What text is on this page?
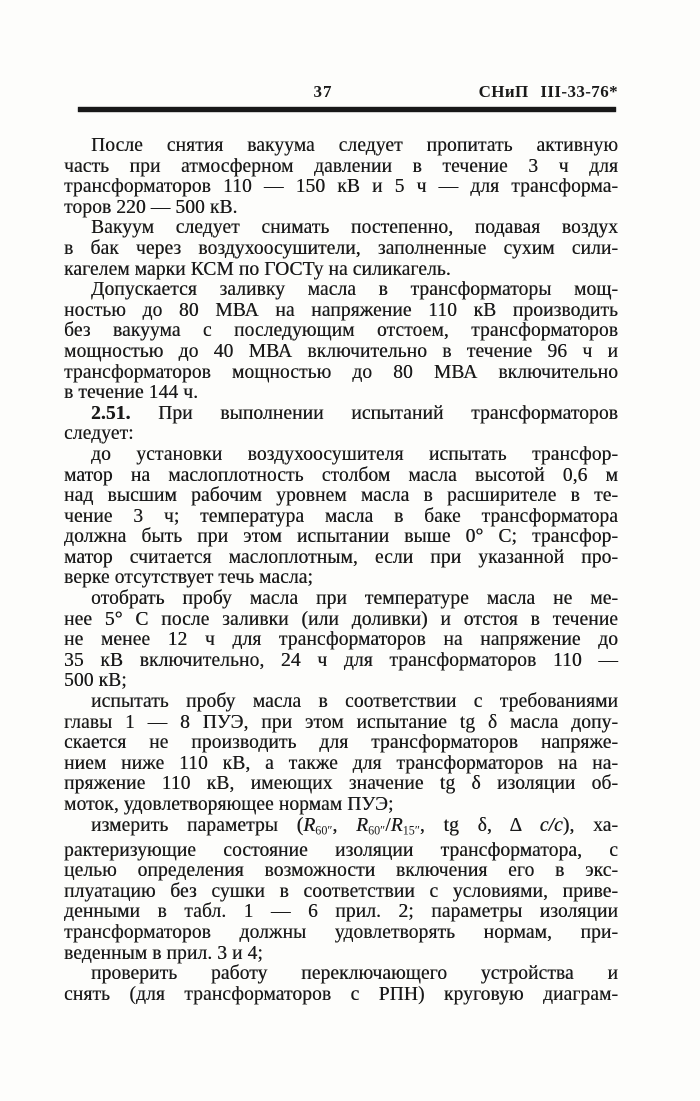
37	СНиП III-33-76*
После снятия вакуума следует пропитать активную
часть при атмосферном давлении в течение 3 ч для
трансформаторов 110 — 150 кВ и 5 ч — для трансформа-
торов 220 — 500 кВ.
Вакуум следует снимать постепенно, подавая воздух
в бак через воздухоосушители, заполненные сухим сили-
кагелем марки КСМ по ГОСТу на силикагель.
Допускается заливку масла в трансформаторы мощ-
ностью до 80 МВА на напряжение 110 кВ производить
без вакуума с последующим отстоем, трансформаторов
мощностью до 40 МВА включительно в течение 96 ч и
трансформаторов мощностью до 80 МВА включительно
в течение 144 ч.
2.51. При выполнении испытаний трансформаторов
следует:
до установки воздухоосушителя испытать трансфор-
матор на маслоплотность столбом масла высотой 0,6 м
над высшим рабочим уровнем масла в расширителе в те-
чение 3 ч; температура масла в баке трансформатора
должна быть при этом испытании выше 0° С; трансфор-
матор считается маслоплотным, если при указанной про-
верке отсутствует течь масла;
отобрать пробу масла при температуре масла не ме-
нее 5° С после заливки (или доливки) и отстоя в течение
не менее 12 ч для трансформаторов на напряжение до
35 кВ включительно, 24 ч для трансформаторов 110 —
500 кВ;
испытать пробу масла в соответствии с требованиями
главы 1 — 8 ПУЭ, при этом испытание tg δ масла допу-
скается не производить для трансформаторов напряже-
нием ниже 110 кВ, а также для трансформаторов на на-
пряжение 110 кВ, имеющих значение tg δ изоляции об-
моток, удовлетворяющее нормам ПУЭ;
измерить параметры ($R_{60''}$, $R_{60''}/R_{15''}$, tg δ, Δ c/c), ха-
рактеризующие состояние изоляции трансформатора, с
целью определения возможности включения его в экс-
плуатацию без сушки в соответствии с условиями, приве-
денными в табл. 1 — 6 прил. 2; параметры изоляции
трансформаторов должны удовлетворять нормам, при-
веденным в прил. 3 и 4;
проверить работу переключающего устройства и
снять (для трансформаторов с РПН) круговую диаграм-
